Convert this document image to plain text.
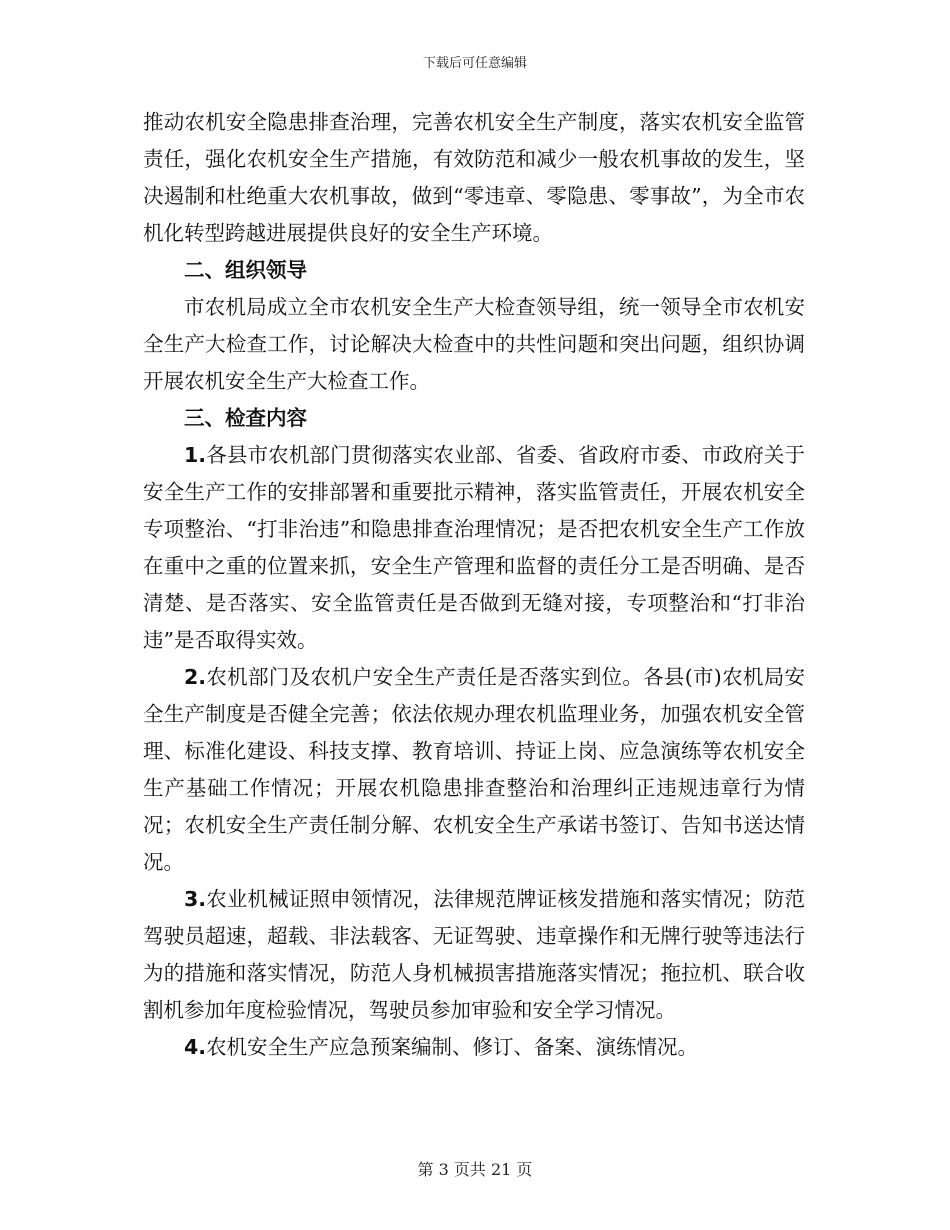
下载后可任意编辑

推动农机安全隐患排查治理，完善农机安全生产制度，落实农机安全监管责任，强化农机安全生产措施，有效防范和减少一般农机事故的发生，坚决遏制和杜绝重大农机事故，做到“零违章、零隐患、零事故”，为全市农机化转型跨越进展提供良好的安全生产环境。

二、组织领导

市农机局成立全市农机安全生产大检查领导组，统一领导全市农机安全生产大检查工作，讨论解决大检查中的共性问题和突出问题，组织协调开展农机安全生产大检查工作。

三、检查内容

1.各县市农机部门贯彻落实农业部、省委、省政府市委、市政府关于安全生产工作的安排部署和重要批示精神，落实监管责任，开展农机安全专项整治、“打非治违”和隐患排查治理情况；是否把农机安全生产工作放在重中之重的位置来抓，安全生产管理和监督的责任分工是否明确、是否清楚、是否落实、安全监管责任是否做到无缝对接，专项整治和“打非治违”是否取得实效。

2.农机部门及农机户安全生产责任是否落实到位。各县(市)农机局安全生产制度是否健全完善；依法依规办理农机监理业务，加强农机安全管理、标准化建设、科技支撑、教育培训、持证上岗、应急演练等农机安全生产基础工作情况；开展农机隐患排查整治和治理纠正违规违章行为情况；农机安全生产责任制分解、农机安全生产承诺书签订、告知书送达情况。

3.农业机械证照申领情况，法律规范牌证核发措施和落实情况；防范驾驶员超速，超载、非法载客、无证驾驶、违章操作和无牌行驶等违法行为的措施和落实情况，防范人身机械损害措施落实情况；拖拉机、联合收割机参加年度检验情况，驾驶员参加审验和安全学习情况。

4.农机安全生产应急预案编制、修订、备案、演练情况。

第 3 页共 21 页
